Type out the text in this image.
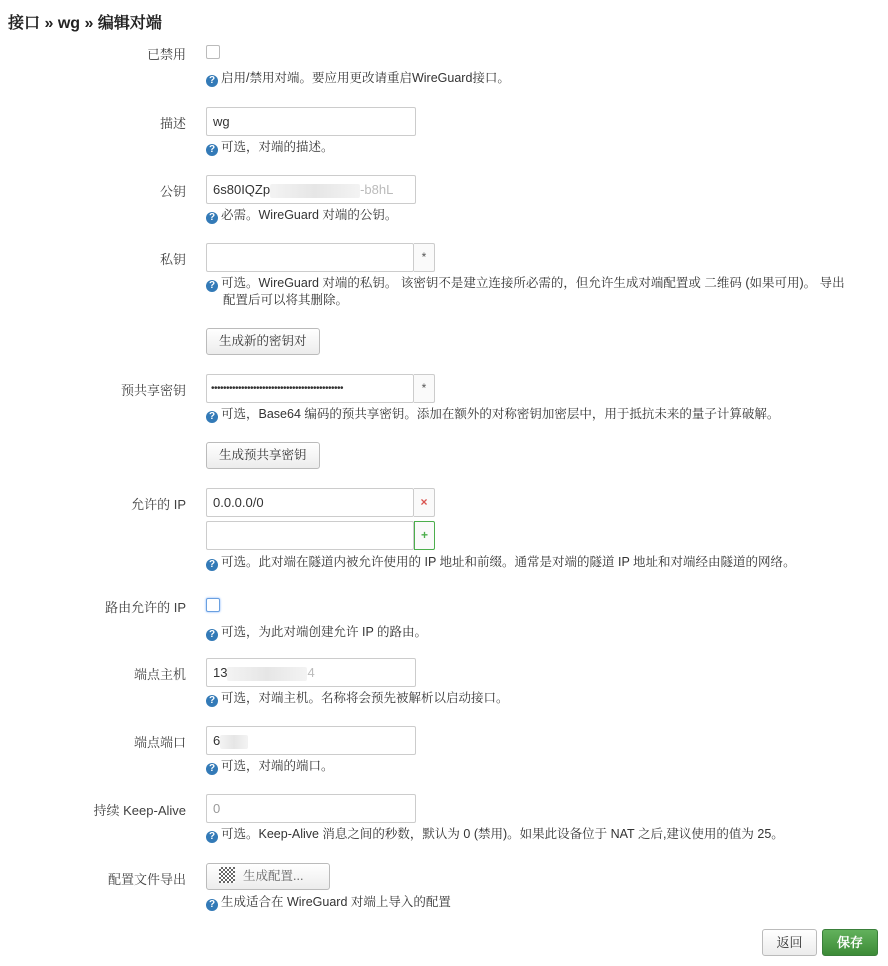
接口 » wg » 编辑对端
已禁用
? 启用/禁用对端。要应用更改请重启WireGuard接口。
描述	wg
? 可选，对端的描述。
公钥	6s80IQZp	-b8hL
? 必需。WireGuard 对端的公钥。
私钥	*
? 可选。WireGuard 对端的私钥。 该密钥不是建立连接所必需的，但允许生成对端配置或 二维码 (如果可用)。 导出
配置后可以将其删除。
生成新的密钥对
预共享密钥	••••••••••••••••••••••••••••••••••••••••••••	*
? 可选，Base64 编码的预共享密钥。添加在额外的对称密钥加密层中，用于抵抗未来的量子计算破解。
生成预共享密钥
允许的 IP	0.0.0.0/0	×
+
? 可选。此对端在隧道内被允许使用的 IP 地址和前缀。通常是对端的隧道 IP 地址和对端经由隧道的网络。
路由允许的 IP
? 可选，为此对端创建允许 IP 的路由。
端点主机	13	4
? 可选，对端主机。名称将会预先被解析以启动接口。
端点端口	6
? 可选，对端的端口。
持续 Keep-Alive	0
? 可选。Keep-Alive 消息之间的秒数，默认为 0 (禁用)。如果此设备位于 NAT 之后,建议使用的值为 25。
配置文件导出	生成配置...
? 生成适合在 WireGuard 对端上导入的配置
返回	保存
